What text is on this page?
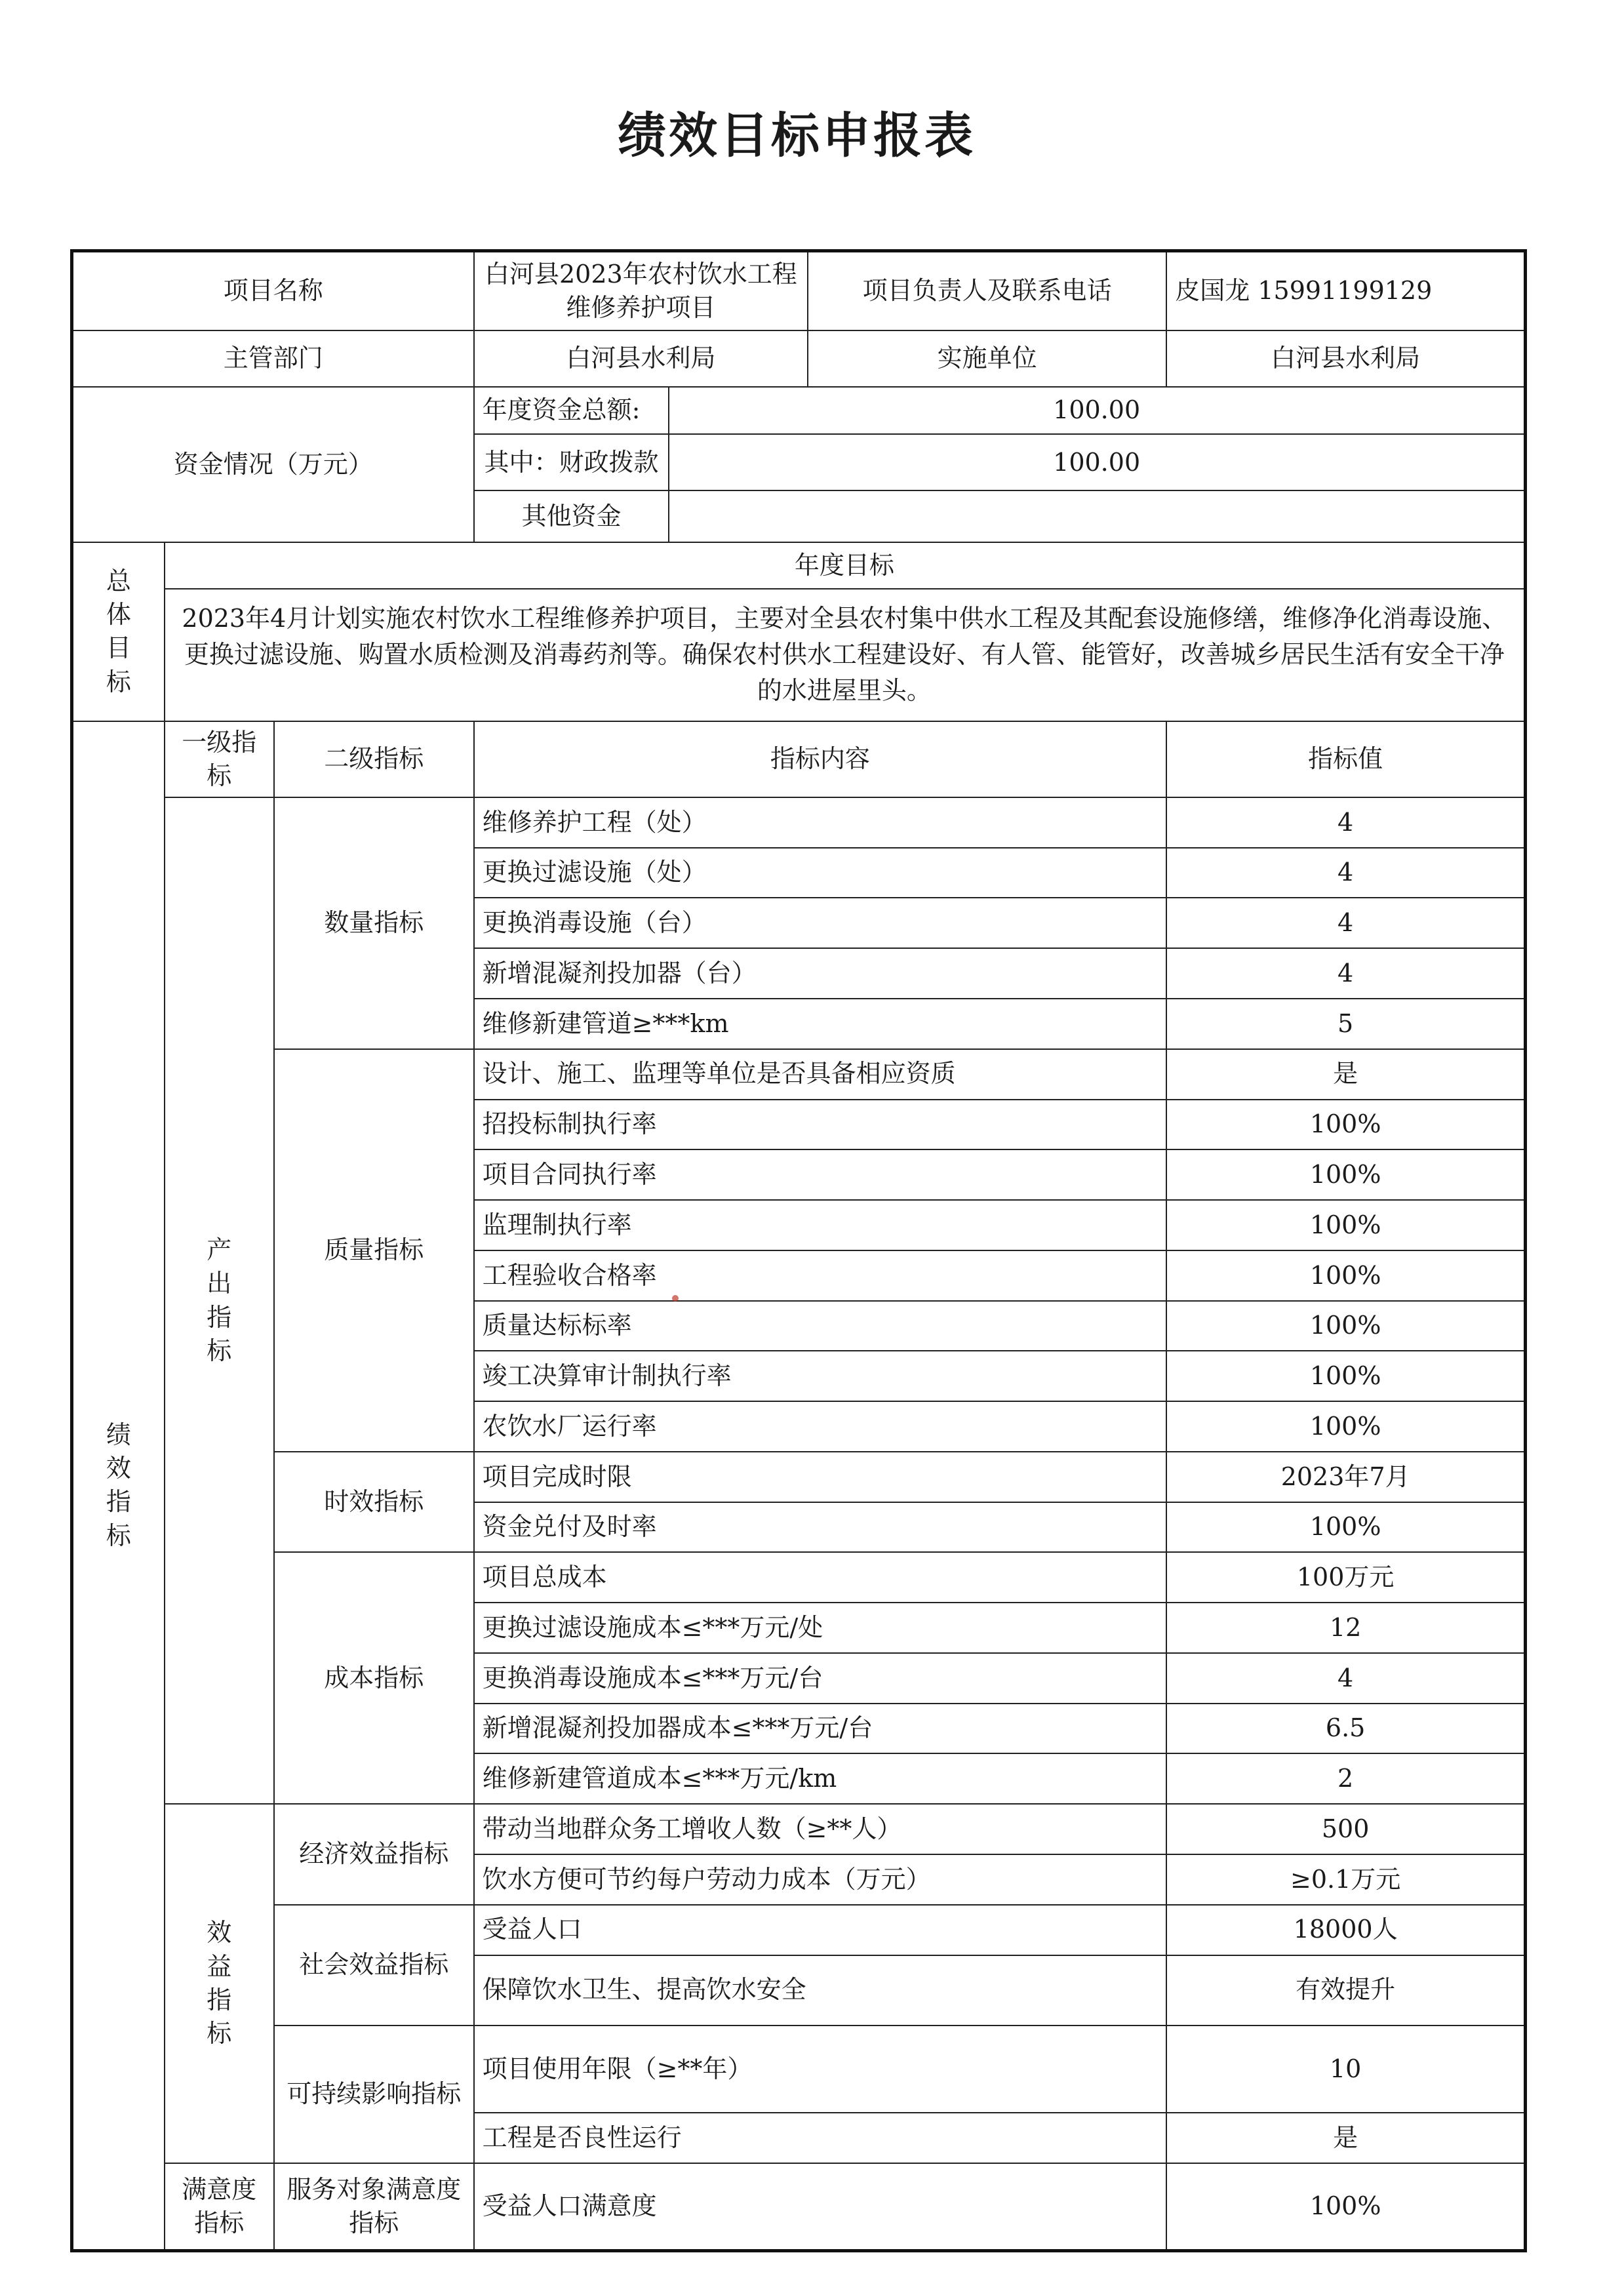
绩效目标申报表
项目名称			白河县2023年农村饮水工程维修养护项目		项目负责人及联系电话	皮国龙 15991199129
主管部门			白河县水利局		实施单位	白河县水利局
资金情况（万元）			年度资金总额:	100.00		
			其中：财政拨款	100.00		
			其他资金			

总体目标	年度目标					
	2023年4月计划实施农村饮水工程维修养护项目，主要对全县农村集中供水工程及其配套设施修缮，维修净化消毒设施、更换过滤设施、购置水质检测及消毒药剂等。确保农村供水工程建设好、有人管、能管好，改善城乡居民生活有安全干净的水进屋里头。					

绩效指标	一级指标	二级指标	指标内容			指标值

	产出指标	数量指标	维修养护工程（处）			4
			更换过滤设施（处）			4
			更换消毒设施（台）			4
			新增混凝剂投加器（台）			4
			维修新建管道≥***km			5
		质量指标	设计、施工、监理等单位是否具备相应资质			是
			招投标制执行率			100%
			项目合同执行率			100%
			监理制执行率			100%
			工程验收合格率			100%
			质量达标标率			100%
			竣工决算审计制执行率			100%
			农饮水厂运行率			100%
		时效指标	项目完成时限			2023年7月
			资金兑付及时率			100%
		成本指标	项目总成本			100万元
			更换过滤设施成本≤***万元/处			12
			更换消毒设施成本≤***万元/台			4
			新增混凝剂投加器成本≤***万元/台			6.5
			维修新建管道成本≤***万元/km			2

	效益指标	经济效益指标	带动当地群众务工增收人数（≥**人）			500
			饮水方便可节约每户劳动力成本（万元）			≥0.1万元
		社会效益指标	受益人口			18000人
			保障饮水卫生、提高饮水安全			有效提升
		可持续影响指标	项目使用年限（≥**年）			10
			工程是否良性运行			是
	满意度指标	服务对象满意度指标	受益人口满意度			100%
